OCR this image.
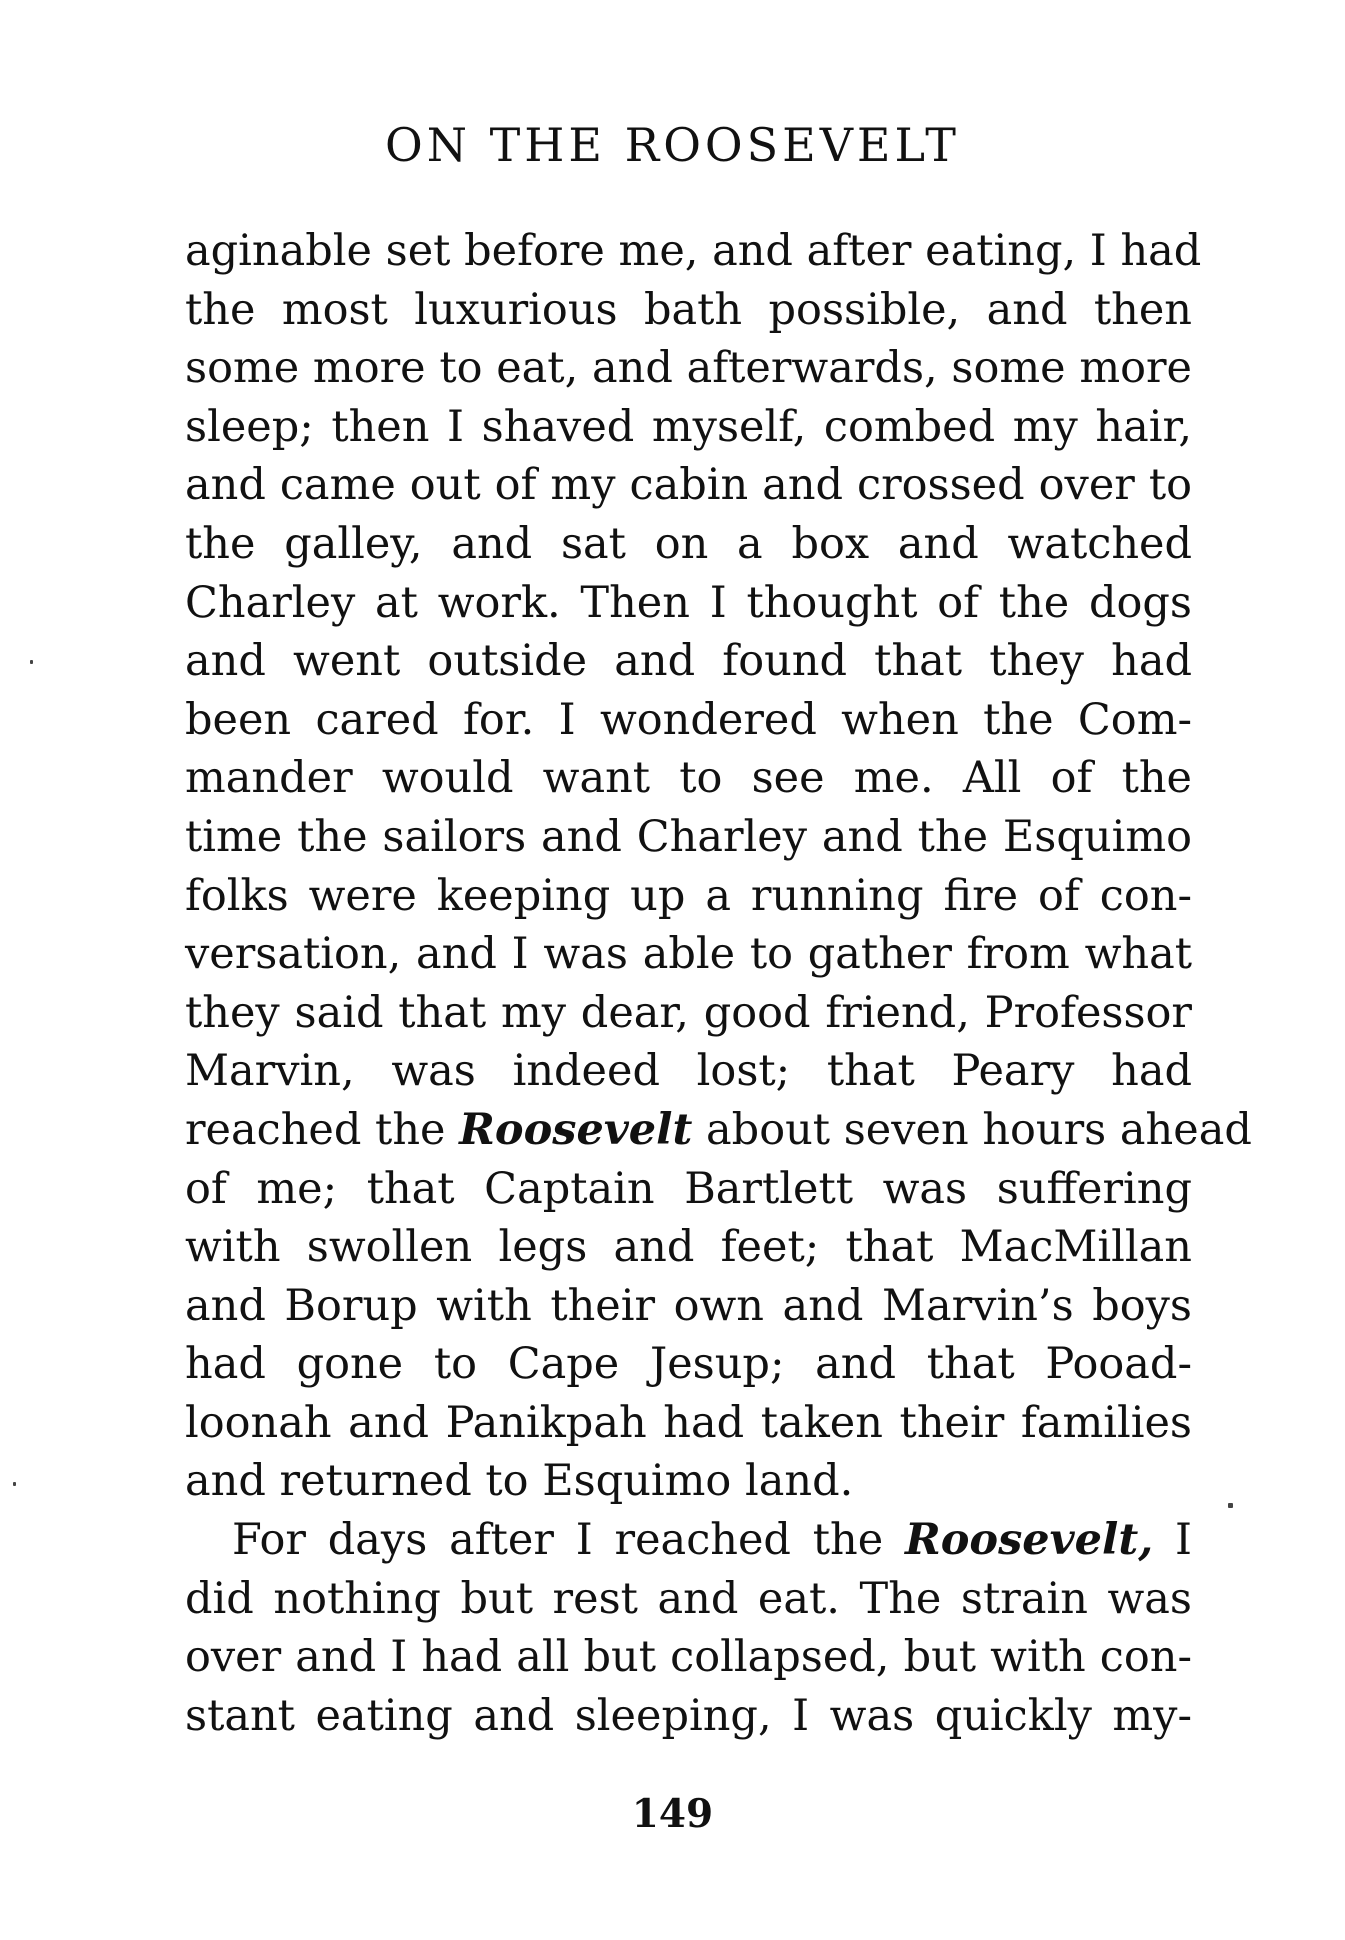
ON THE ROOSEVELT
aginable set before me, and after eating, I had
the most luxurious bath possible, and then
some more to eat, and afterwards, some more
sleep; then I shaved myself, combed my hair,
and came out of my cabin and crossed over to
the galley, and sat on a box and watched
Charley at work. Then I thought of the dogs
and went outside and found that they had
been cared for. I wondered when the Com-
mander would want to see me. All of the
time the sailors and Charley and the Esquimo
folks were keeping up a running fire of con-
versation, and I was able to gather from what
they said that my dear, good friend, Professor
Marvin, was indeed lost; that Peary had
reached the Roosevelt about seven hours ahead
of me; that Captain Bartlett was suffering
with swollen legs and feet; that MacMillan
and Borup with their own and Marvin’s boys
had gone to Cape Jesup; and that Pooad-
loonah and Panikpah had taken their families
and returned to Esquimo land.
For days after I reached the Roosevelt, I
did nothing but rest and eat. The strain was
over and I had all but collapsed, but with con-
stant eating and sleeping, I was quickly my-
149
